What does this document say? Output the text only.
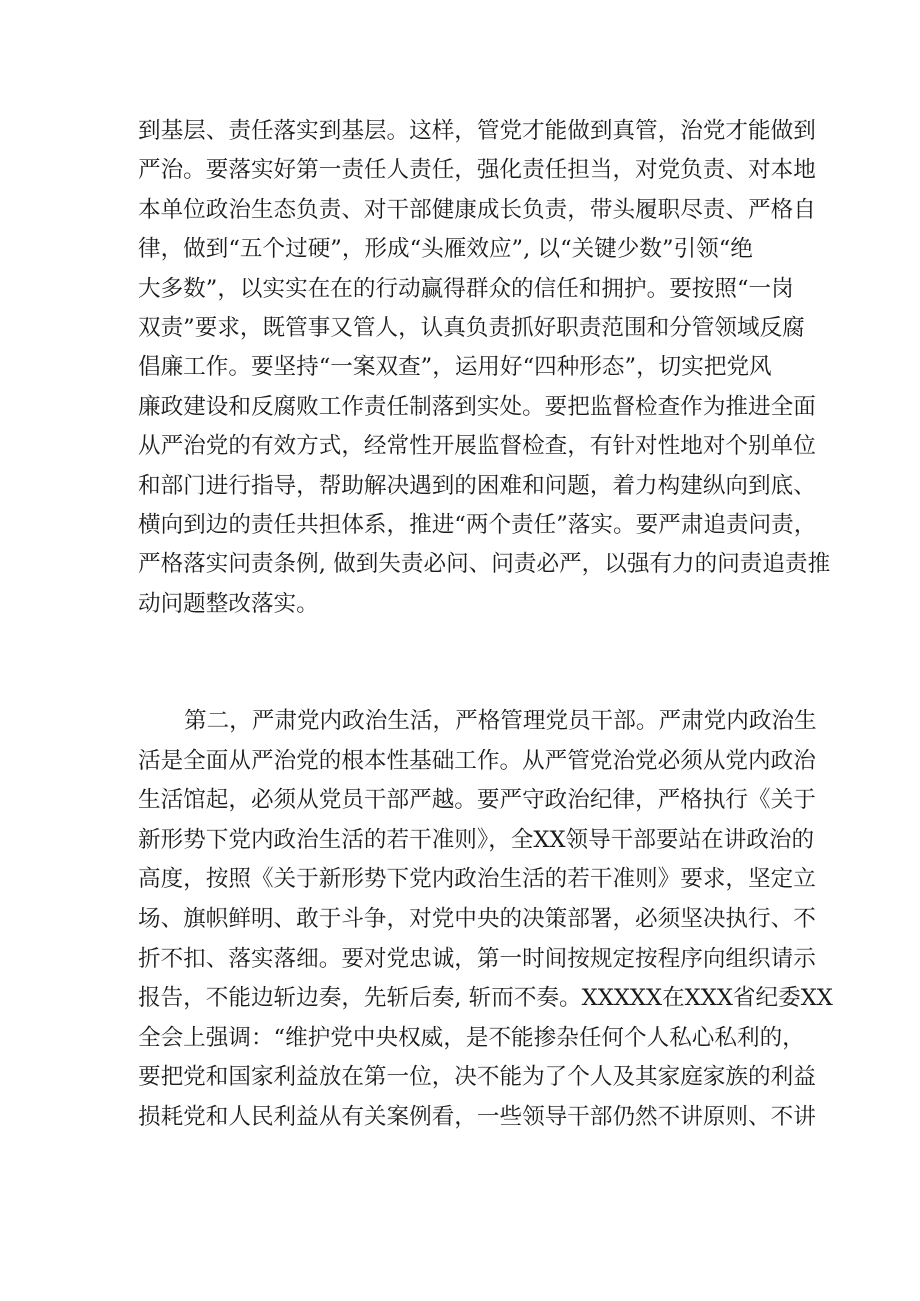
到基层、责任落实到基层。这样，管党才能做到真管，治党才能做到
严治。要落实好第一责任人责任，强化责任担当，对党负责、对本地
本单位政治生态负责、对干部健康成长负责，带头履职尽责、严格自
律，做到“五个过硬”，形成“头雁效应”, 以“关键少数”引领“绝
大多数”，以实实在在的行动赢得群众的信任和拥护。要按照“一岗
双责”要求，既管事又管人，认真负责抓好职责范围和分管领域反腐
倡廉工作。要坚持“一案双查”，运用好“四种形态”，切实把党风
廉政建设和反腐败工作责任制落到实处。要把监督检查作为推进全面
从严治党的有效方式，经常性开展监督检查，有针对性地对个别单位
和部门进行指导，帮助解决遇到的困难和问题，着力构建纵向到底、
横向到边的责任共担体系，推进“两个责任”落实。要严肃追责问责，
严格落实问责条例, 做到失责必问、问责必严，以强有力的问责追责推
动问题整改落实。
第二，严肃党内政治生活，严格管理党员干部。严肃党内政治生
活是全面从严治党的根本性基础工作。从严管党治党必须从党内政治
生活馆起，必须从党员干部严越。要严守政治纪律，严格执行《关于
新形势下党内政治生活的若干准则》，全XX领导干部要站在讲政治的
高度，按照《关于新形势下党内政治生活的若干准则》要求，坚定立
场、旗帜鲜明、敢于斗争，对党中央的决策部署，必须坚决执行、不
折不扣、落实落细。要对党忠诚，第一时间按规定按程序向组织请示
报告，不能边斩边奏，先斩后奏, 斩而不奏。XXXXX在XXX省纪委XX
全会上强调：“维护党中央权威，是不能掺杂任何个人私心私利的，
要把党和国家利益放在第一位，决不能为了个人及其家庭家族的利益
损耗党和人民利益从有关案例看，一些领导干部仍然不讲原则、不讲
